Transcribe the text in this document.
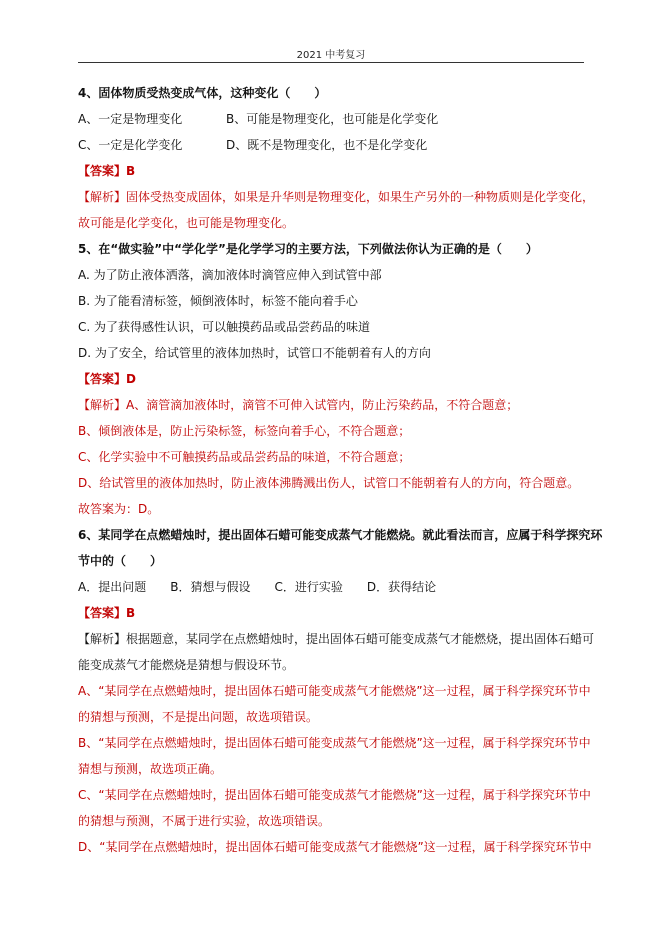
2021 中考复习
4、固体物质受热变成气体，这种变化（　　）
A、一定是物理变化	B、可能是物理变化，也可能是化学变化
C、一定是化学变化	D、既不是物理变化，也不是化学变化
【答案】B
【解析】固体受热变成固体，如果是升华则是物理变化，如果生产另外的一种物质则是化学变化，
故可能是化学变化，也可能是物理变化。
5、在“做实验”中“学化学”是化学学习的主要方法，下列做法你认为正确的是（　　）
A. 为了防止液体洒落，滴加液体时滴管应伸入到试管中部
B. 为了能看清标签，倾倒液体时，标签不能向着手心
C. 为了获得感性认识，可以触摸药品或品尝药品的味道
D. 为了安全，给试管里的液体加热时，试管口不能朝着有人的方向
【答案】D
【解析】A、滴管滴加液体时，滴管不可伸入试管内，防止污染药品，不符合题意；
B、倾倒液体是，防止污染标签，标签向着手心，不符合题意；
C、化学实验中不可触摸药品或品尝药品的味道，不符合题意；
D、给试管里的液体加热时，防止液体沸腾溅出伤人，试管口不能朝着有人的方向，符合题意。
故答案为：D。
6、某同学在点燃蜡烛时，提出固体石蜡可能变成蒸气才能燃烧。就此看法而言，应属于科学探究环
节中的（　　）
A．提出问题　　B．猜想与假设　　C．进行实验　　D．获得结论
【答案】B
【解析】根据题意，某同学在点燃蜡烛时，提出固体石蜡可能变成蒸气才能燃烧，提出固体石蜡可
能变成蒸气才能燃烧是猜想与假设环节。
A、“某同学在点燃蜡烛时，提出固体石蜡可能变成蒸气才能燃烧”这一过程，属于科学探究环节中
的猜想与预测，不是提出问题，故选项错误。
B、“某同学在点燃蜡烛时，提出固体石蜡可能变成蒸气才能燃烧”这一过程，属于科学探究环节中
猜想与预测，故选项正确。
C、“某同学在点燃蜡烛时，提出固体石蜡可能变成蒸气才能燃烧”这一过程，属于科学探究环节中
的猜想与预测，不属于进行实验，故选项错误。
D、“某同学在点燃蜡烛时，提出固体石蜡可能变成蒸气才能燃烧”这一过程，属于科学探究环节中
